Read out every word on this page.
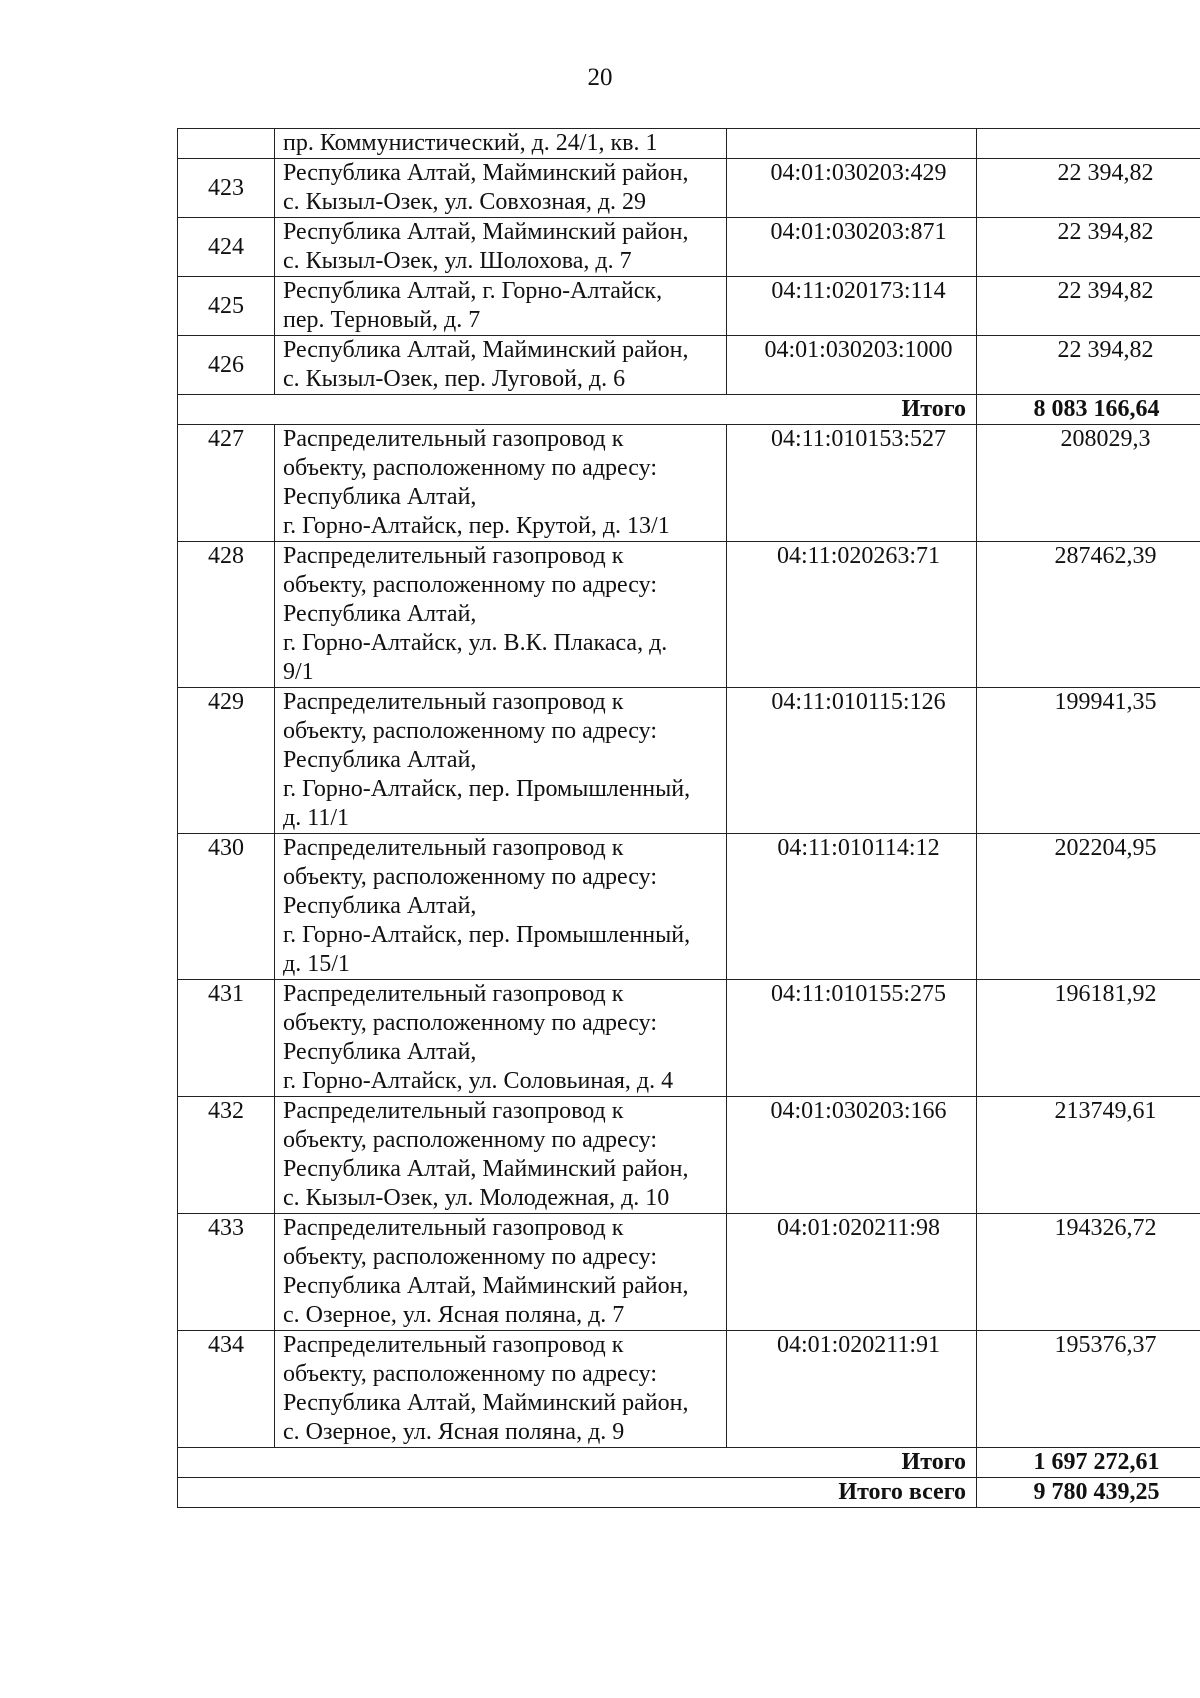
20

	пр. Коммунистический, д. 24/1, кв. 1		

423	Республика Алтай, Майминский район,
с. Кызыл-Озек, ул. Совхозная, д. 29	04:01:030203:429	22 394,82
424	Республика Алтай, Майминский район,
с. Кызыл-Озек, ул. Шолохова, д. 7	04:01:030203:871	22 394,82
425	Республика Алтай, г. Горно-Алтайск,
пер. Терновый, д. 7	04:11:020173:114	22 394,82
426	Республика Алтай, Майминский район,
с. Кызыл-Озек, пер. Луговой, д. 6	04:01:030203:1000	22 394,82
Итого			8 083 166,64
427	Распределительный газопровод к
объекту, расположенному по адресу:
Республика Алтай,
г. Горно-Алтайск, пер. Крутой, д. 13/1	04:11:010153:527	208029,3
428	Распределительный газопровод к
объекту, расположенному по адресу:
Республика Алтай,
г. Горно-Алтайск, ул. В.К. Плакаса, д.
9/1	04:11:020263:71	287462,39
429	Распределительный газопровод к
объекту, расположенному по адресу:
Республика Алтай,
г. Горно-Алтайск, пер. Промышленный,
д. 11/1	04:11:010115:126	199941,35
430	Распределительный газопровод к
объекту, расположенному по адресу:
Республика Алтай,
г. Горно-Алтайск, пер. Промышленный,
д. 15/1	04:11:010114:12	202204,95
431	Распределительный газопровод к
объекту, расположенному по адресу:
Республика Алтай,
г. Горно-Алтайск, ул. Соловьиная, д. 4	04:11:010155:275	196181,92
432	Распределительный газопровод к
объекту, расположенному по адресу:
Республика Алтай, Майминский район,
с. Кызыл-Озек, ул. Молодежная, д. 10	04:01:030203:166	213749,61
433	Распределительный газопровод к
объекту, расположенному по адресу:
Республика Алтай, Майминский район,
с. Озерное, ул. Ясная поляна, д. 7	04:01:020211:98	194326,72
434	Распределительный газопровод к
объекту, расположенному по адресу:
Республика Алтай, Майминский район,
с. Озерное, ул. Ясная поляна, д. 9	04:01:020211:91	195376,37
Итого			1 697 272,61
Итого всего			9 780 439,25
